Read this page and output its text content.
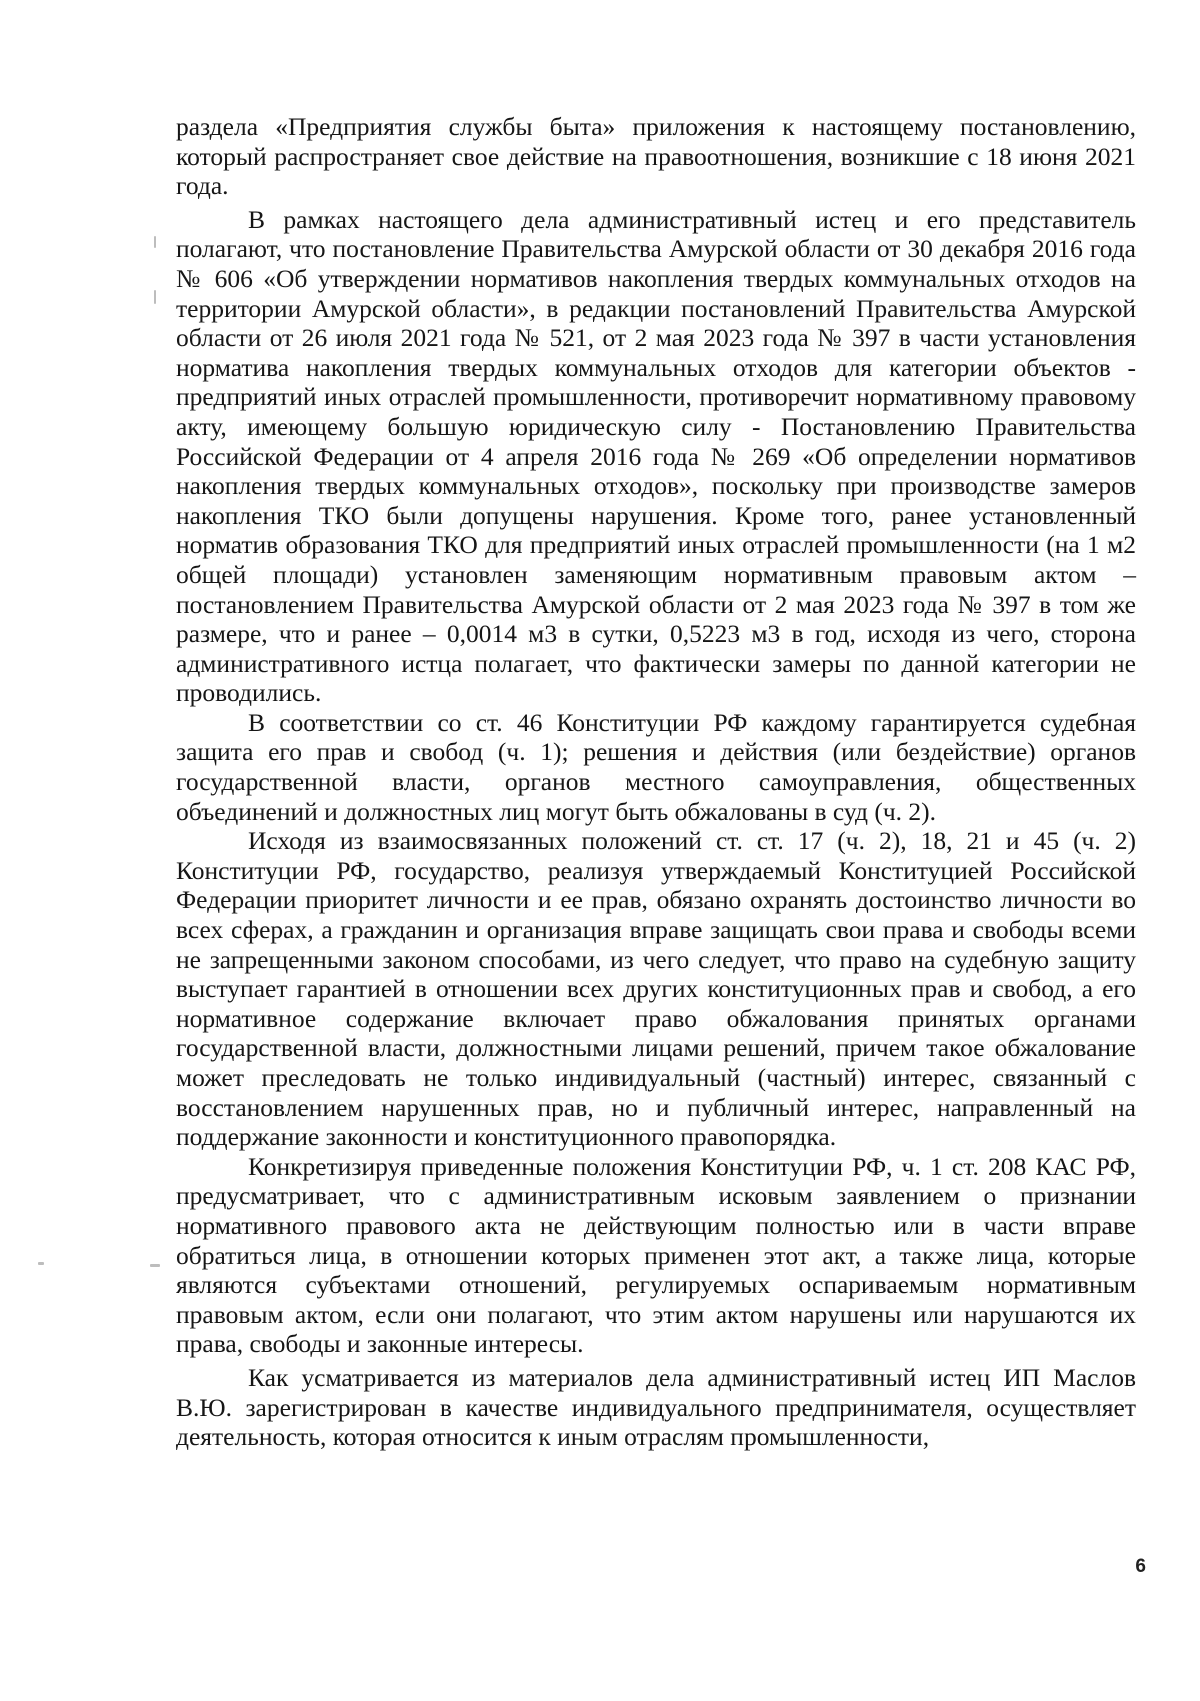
раздела «Предприятия службы быта» приложения к настоящему постановлению, который распространяет свое действие на правоотношения, возникшие с 18 июня 2021 года.

В рамках настоящего дела административный истец и его представитель полагают, что постановление Правительства Амурской области от 30 декабря 2016 года № 606 «Об утверждении нормативов накопления твердых коммунальных отходов на территории Амурской области», в редакции постановлений Правительства Амурской области от 26 июля 2021 года № 521, от 2 мая 2023 года № 397 в части установления норматива накопления твердых коммунальных отходов для категории объектов - предприятий иных отраслей промышленности, противоречит нормативному правовому акту, имеющему большую юридическую силу - Постановлению Правительства Российской Федерации от 4 апреля 2016 года № 269 «Об определении нормативов накопления твердых коммунальных отходов», поскольку при производстве замеров накопления ТКО были допущены нарушения. Кроме того, ранее установленный норматив образования ТКО для предприятий иных отраслей промышленности (на 1 м2 общей площади) установлен заменяющим нормативным правовым актом – постановлением Правительства Амурской области от 2 мая 2023 года № 397 в том же размере, что и ранее – 0,0014 м3 в сутки, 0,5223 м3 в год, исходя из чего, сторона административного истца полагает, что фактически замеры по данной категории не проводились.

В соответствии со ст. 46 Конституции РФ каждому гарантируется судебная защита его прав и свобод (ч. 1); решения и действия (или бездействие) органов государственной власти, органов местного самоуправления, общественных объединений и должностных лиц могут быть обжалованы в суд (ч. 2).

Исходя из взаимосвязанных положений ст. ст. 17 (ч. 2), 18, 21 и 45 (ч. 2) Конституции РФ, государство, реализуя утверждаемый Конституцией Российской Федерации приоритет личности и ее прав, обязано охранять достоинство личности во всех сферах, а гражданин и организация вправе защищать свои права и свободы всеми не запрещенными законом способами, из чего следует, что право на судебную защиту выступает гарантией в отношении всех других конституционных прав и свобод, а его нормативное содержание включает право обжалования принятых органами государственной власти, должностными лицами решений, причем такое обжалование может преследовать не только индивидуальный (частный) интерес, связанный с восстановлением нарушенных прав, но и публичный интерес, направленный на поддержание законности и конституционного правопорядка.

Конкретизируя приведенные положения Конституции РФ, ч. 1 ст. 208 КАС РФ, предусматривает, что с административным исковым заявлением о признании нормативного правового акта не действующим полностью или в части вправе обратиться лица, в отношении которых применен этот акт, а также лица, которые являются субъектами отношений, регулируемых оспариваемым нормативным правовым актом, если они полагают, что этим актом нарушены или нарушаются их права, свободы и законные интересы.

Как усматривается из материалов дела административный истец ИП Маслов В.Ю. зарегистрирован в качестве индивидуального предпринимателя, осуществляет деятельность, которая относится к иным отраслям промышленности,

6
